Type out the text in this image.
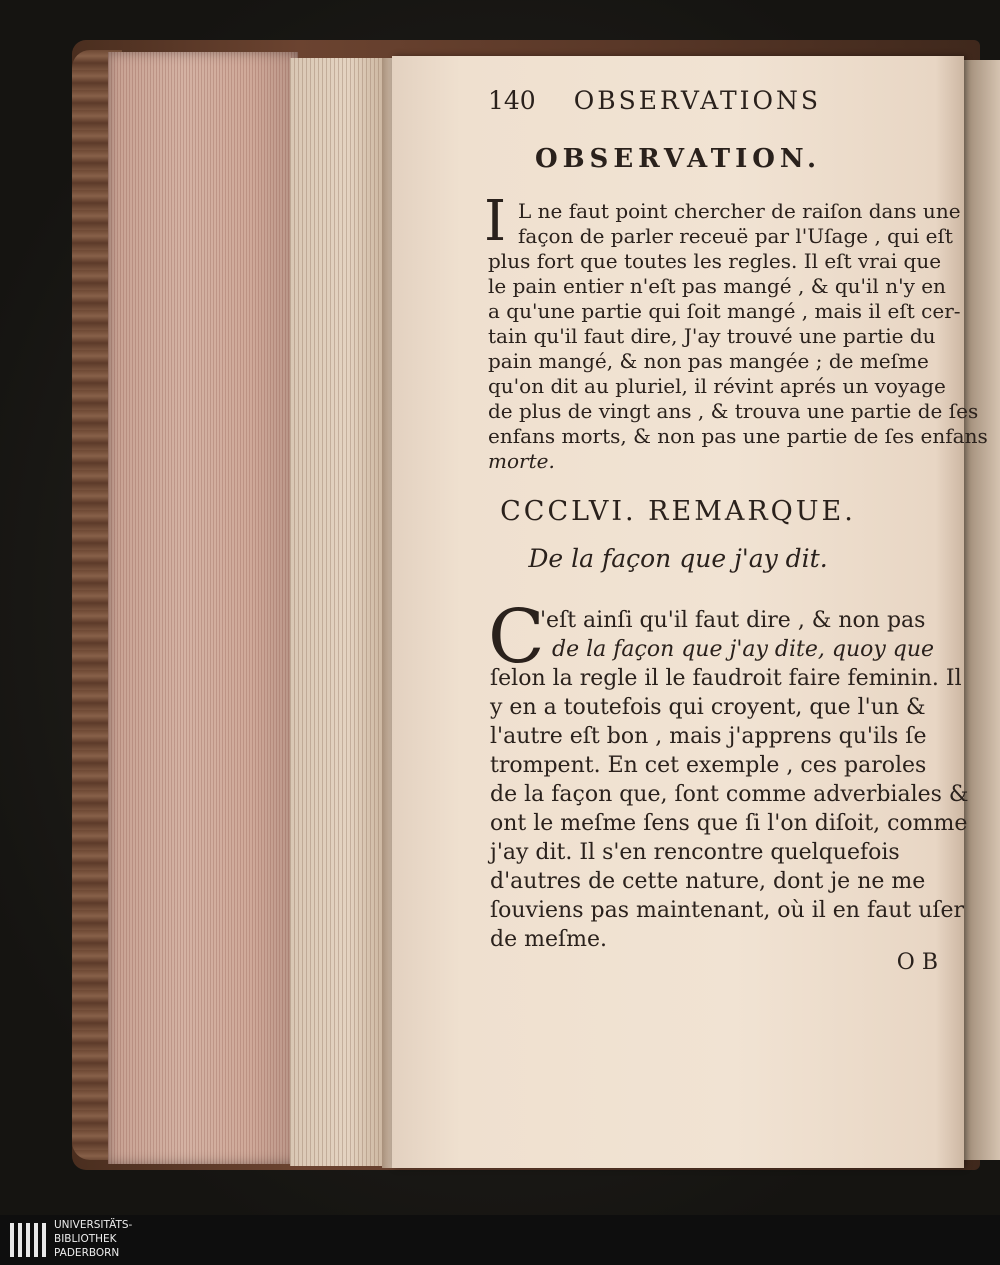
140 OBSERVATIONS
OBSERVATION.
I L ne faut point chercher de raiſon dans une
façon de parler receuë par l'Uſage , qui eſt
plus fort que toutes les regles. Il eſt vrai que
le pain entier n'eſt pas mangé , & qu'il n'y en
a qu'une partie qui ſoit mangé , mais il eſt cer-
tain qu'il faut dire, J'ay trouvé une partie du
pain mangé, & non pas mangée ; de meſme
qu'on dit au pluriel, il révint aprés un voyage
de plus de vingt ans , & trouva une partie de ſes
enfans morts, & non pas une partie de ſes enfans
morte.
CCCLVI. REMARQUE.
De la façon que j'ay dit.
C
'eſt ainſi qu'il faut dire , & non pas
de la façon que j'ay dite, quoy que
ſelon la regle il le faudroit faire feminin. Il
y en a toutefois qui croyent, que l'un &
l'autre eſt bon , mais j'apprens qu'ils ſe
trompent. En cet exemple , ces paroles
de la façon que, ſont comme adverbiales &
ont le meſme ſens que ſi l'on diſoit, comme
j'ay dit. Il s'en rencontre quelquefois
d'autres de cette nature, dont je ne me
ſouviens pas maintenant, où il en faut uſer
de meſme.
O B
UNIVERSITÄTS-
BIBLIOTHEK
PADERBORN
